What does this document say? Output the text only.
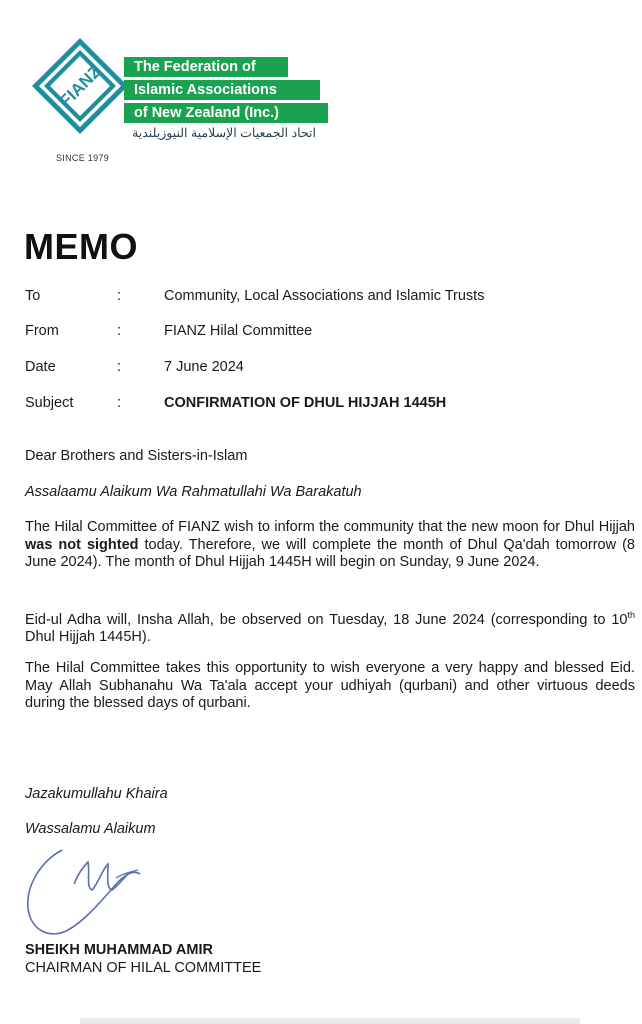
FIANZ	The Federation of
Islamic Associations
of New Zealand (Inc.)
اتحاد الجمعيات الإسلامية النيوزيلندية
SINCE 1979
MEMO
To	:	Community, Local Associations and Islamic Trusts
From	:	FIANZ Hilal Committee
Date	:	7 June 2024
Subject	:	CONFIRMATION OF DHUL HIJJAH 1445H
Dear Brothers and Sisters-in-Islam
Assalaamu Alaikum Wa Rahmatullahi Wa Barakatuh
The Hilal Committee of FIANZ wish to inform the community that the new moon for Dhul Hijjah was not sighted today. Therefore, we will complete the month of Dhul Qa'dah tomorrow (8 June 2024). The month of Dhul Hijjah 1445H will begin on Sunday, 9 June 2024.
Eid-ul Adha will, Insha Allah, be observed on Tuesday, 18 June 2024 (corresponding to 10th Dhul Hijjah 1445H).
The Hilal Committee takes this opportunity to wish everyone a very happy and blessed Eid. May Allah Subhanahu Wa Ta'ala accept your udhiyah (qurbani) and other virtuous deeds during the blessed days of qurbani.
Jazakumullahu Khaira
Wassalamu Alaikum
SHEIKH MUHAMMAD AMIR
CHAIRMAN OF HILAL COMMITTEE
